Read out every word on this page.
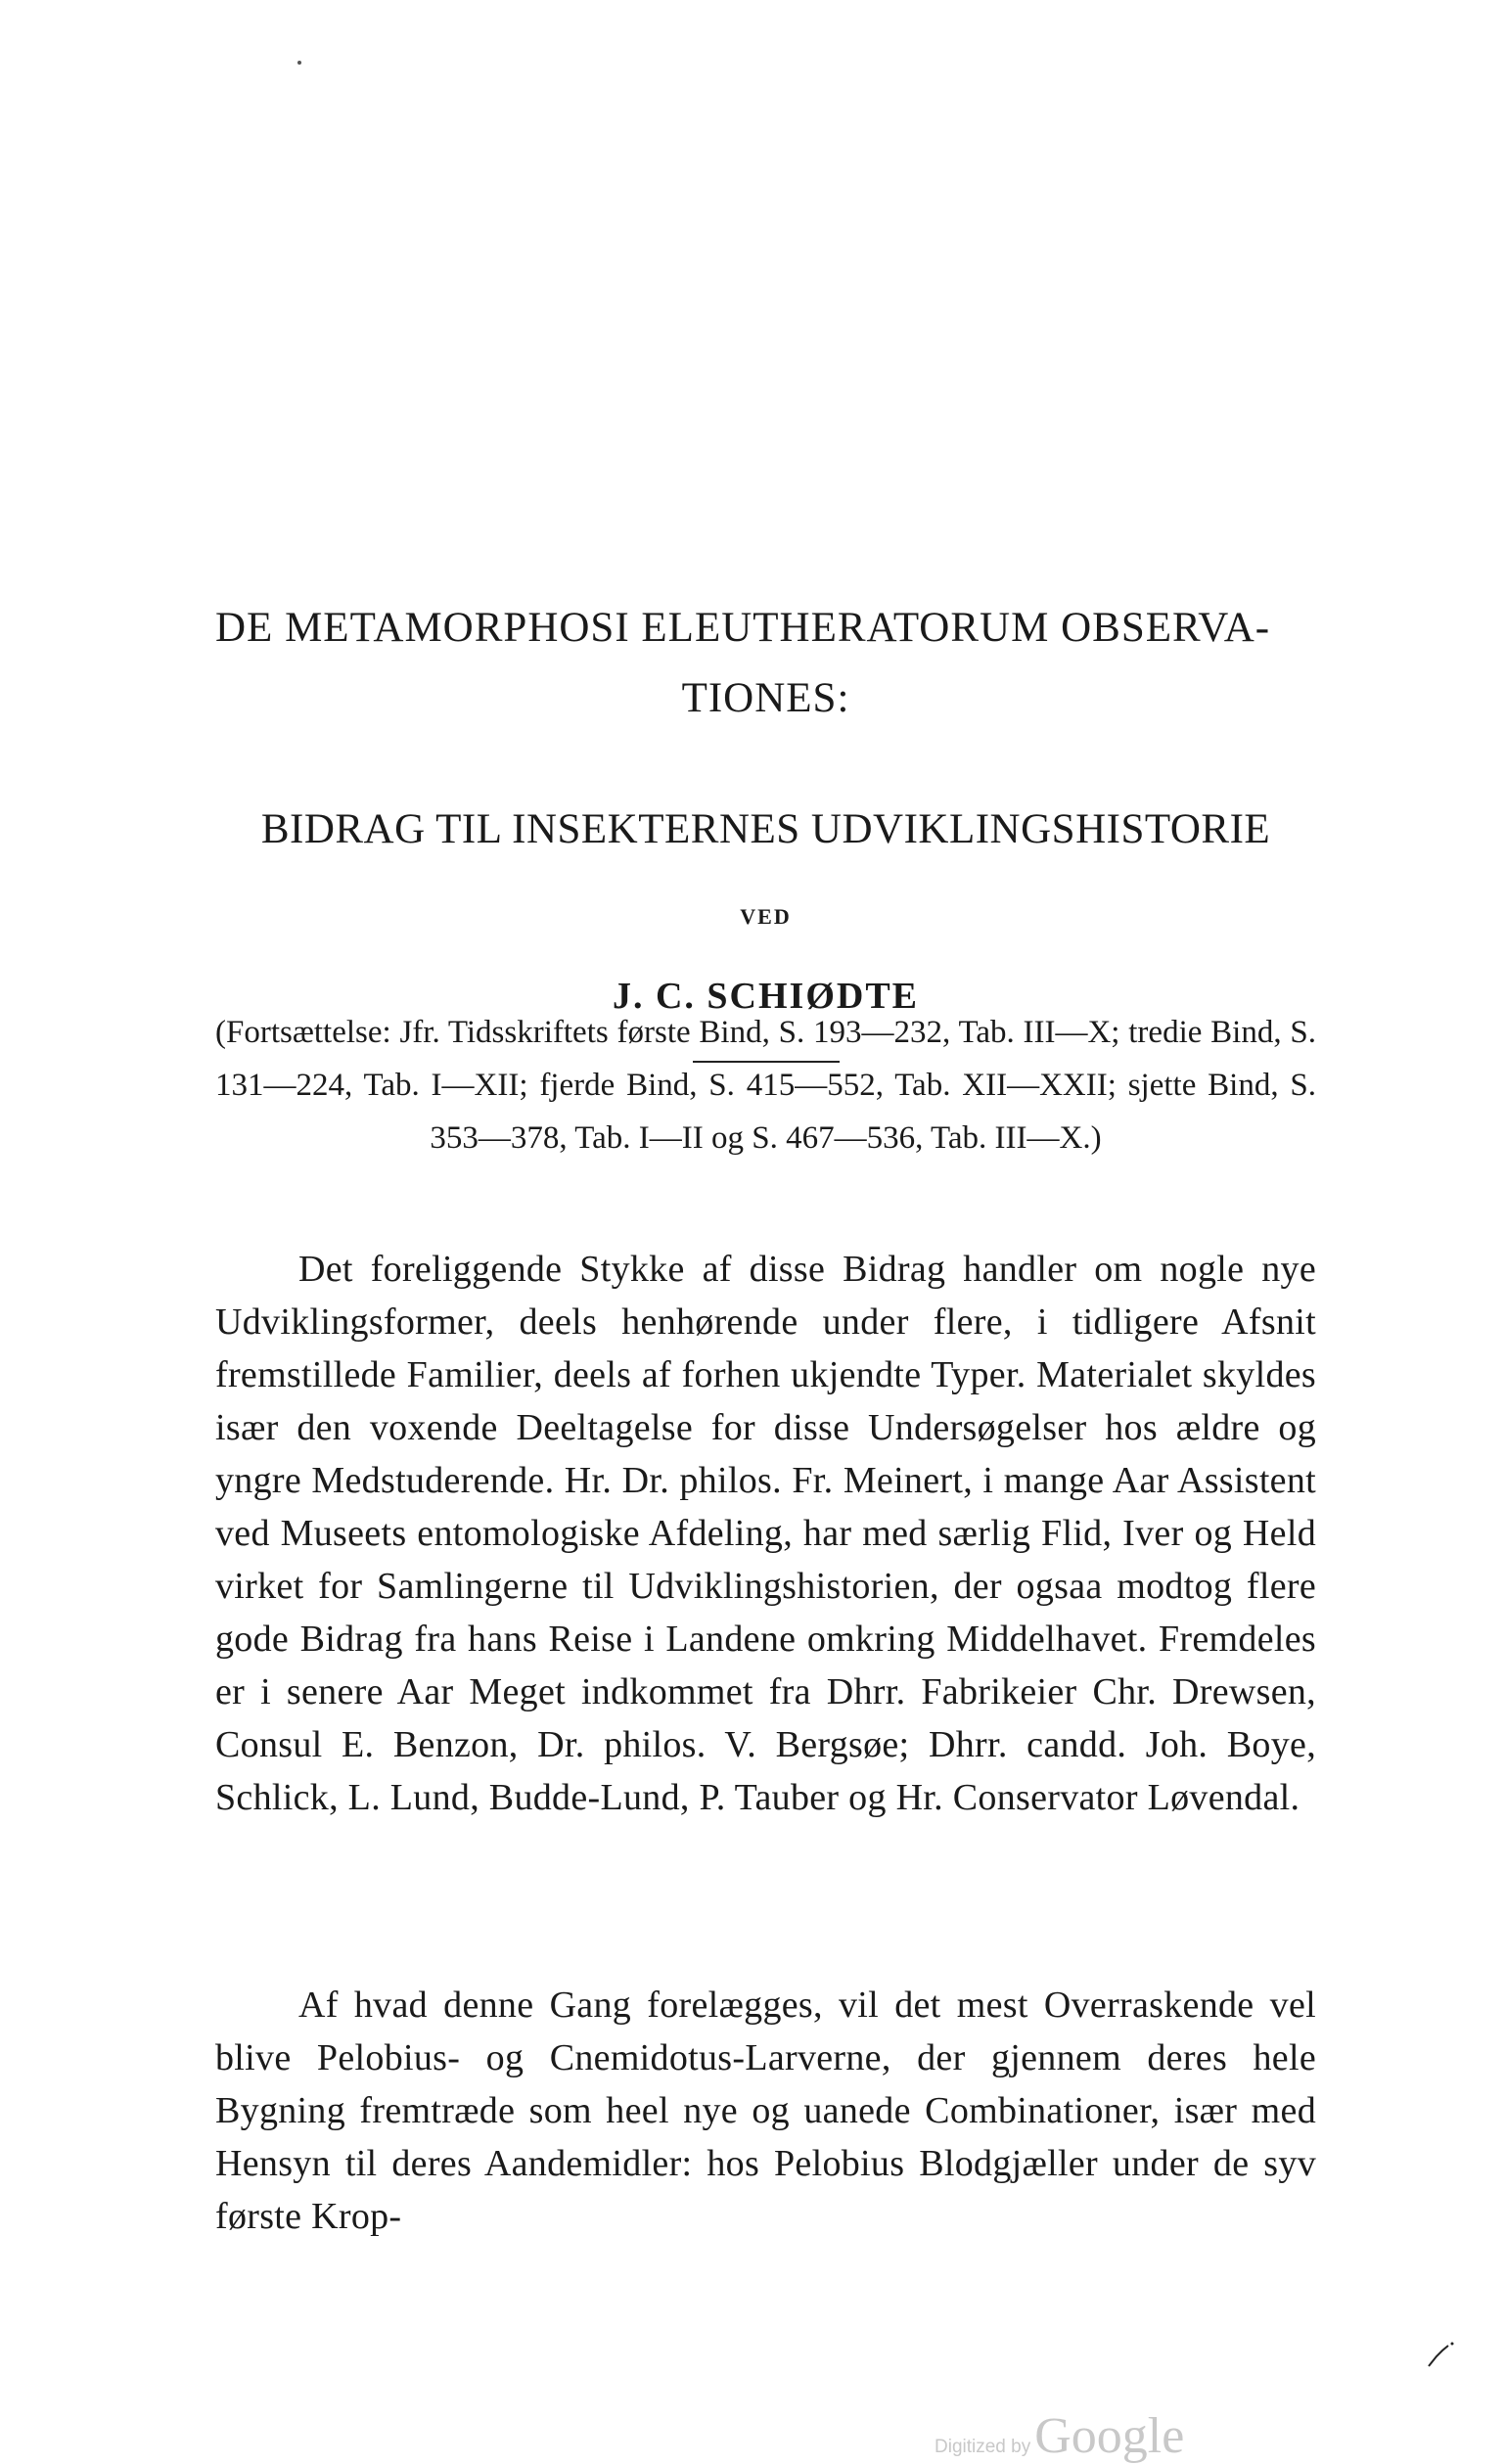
DE METAMORPHOSI ELEUTHERATORUM OBSERVA-
TIONES:
BIDRAG TIL INSEKTERNES UDVIKLINGSHISTORIE
VED
J. C. SCHIØDTE
(Fortsættelse: Jfr. Tidsskriftets første Bind, S. 193—232, Tab. III—X; tredie Bind, S. 131—224, Tab. I—XII; fjerde Bind, S. 415—552, Tab. XII—XXII; sjette Bind, S. 353—378, Tab. I—II og S. 467—536, Tab. III—X.)

Det foreliggende Stykke af disse Bidrag handler om nogle nye Udviklingsformer, deels henhørende under flere, i tidligere Afsnit fremstillede Familier, deels af forhen ukjendte Typer. Materialet skyldes især den voxende Deeltagelse for disse Undersøgelser hos ældre og yngre Medstuderende. Hr. Dr. philos. Fr. Meinert, i mange Aar Assistent ved Museets entomologiske Afdeling, har med særlig Flid, Iver og Held virket for Samlingerne til Udviklingshistorien, der ogsaa modtog flere gode Bidrag fra hans Reise i Landene omkring Middelhavet. Fremdeles er i senere Aar Meget indkommet fra Dhrr. Fabrikeier Chr. Drewsen, Consul E. Benzon, Dr. philos. V. Bergsøe; Dhrr. candd. Joh. Boye, Schlick, L. Lund, Budde-Lund, P. Tauber og Hr. Conservator Løvendal.

Af hvad denne Gang forelægges, vil det mest Overraskende vel blive Pelobius- og Cnemidotus-Larverne, der gjennem deres hele Bygning fremtræde som heel nye og uanede Combinationer, især med Hensyn til deres Aandemidler: hos Pelobius Blodgjæller under de syv første Krop-

Digitized by Google
